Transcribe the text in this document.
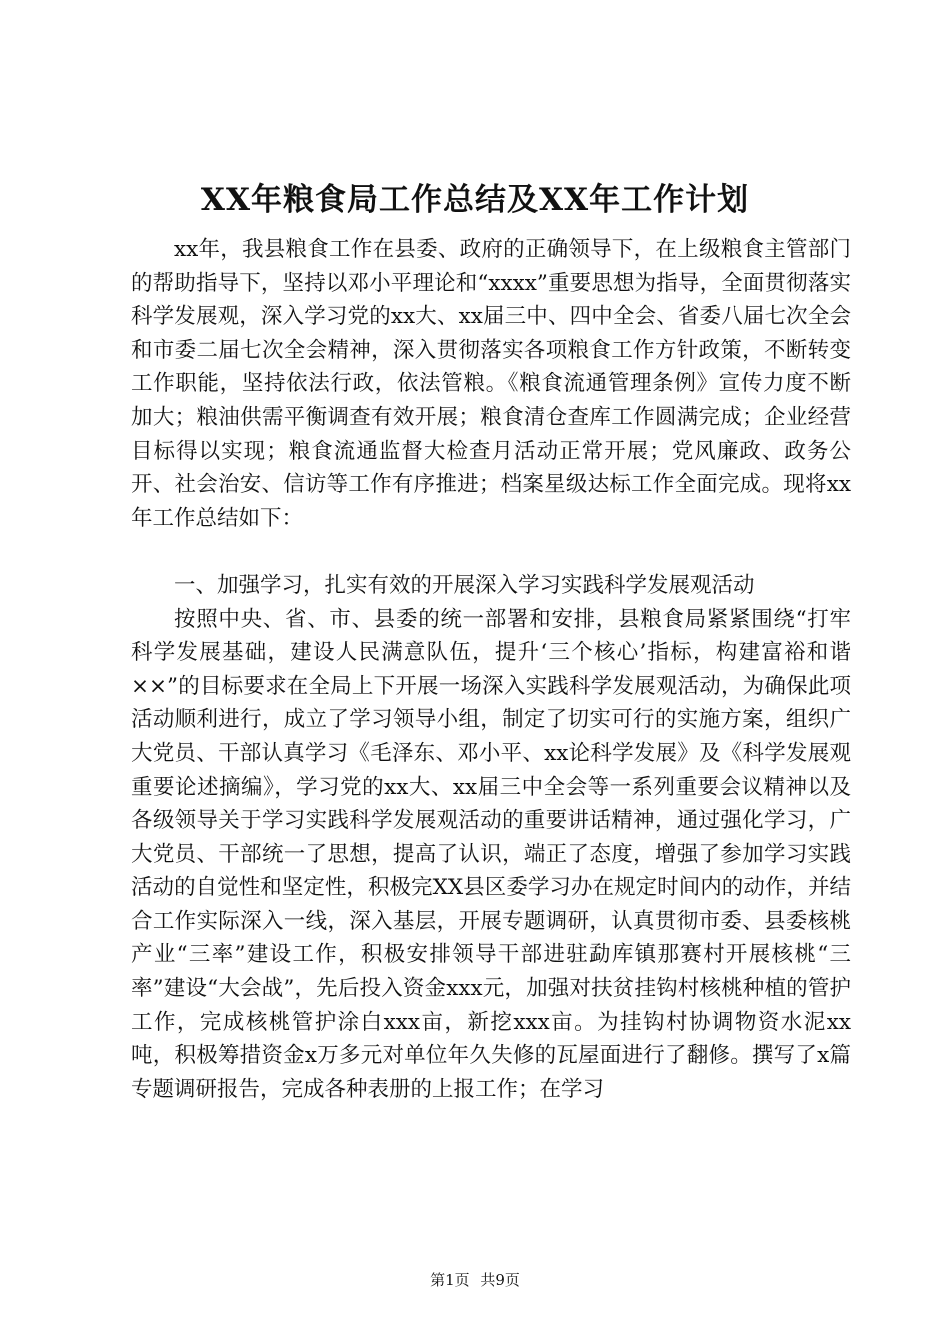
XX年粮食局工作总结及XX年工作计划

xx年，我县粮食工作在县委、政府的正确领导下，在上级粮食主管部门的帮助指导下，坚持以邓小平理论和“xxxx”重要思想为指导，全面贯彻落实科学发展观，深入学习党的xx大、xx届三中、四中全会、省委八届七次全会和市委二届七次全会精神，深入贯彻落实各项粮食工作方针政策，不断转变工作职能，坚持依法行政，依法管粮。《粮食流通管理条例》宣传力度不断加大；粮油供需平衡调查有效开展；粮食清仓查库工作圆满完成；企业经营目标得以实现；粮食流通监督大检查月活动正常开展；党风廉政、政务公开、社会治安、信访等工作有序推进；档案星级达标工作全面完成。现将xx年工作总结如下：

一、加强学习，扎实有效的开展深入学习实践科学发展观活动

按照中央、省、市、县委的统一部署和安排，县粮食局紧紧围绕“打牢科学发展基础，建设人民满意队伍，提升‘三个核心’指标，构建富裕和谐××”的目标要求在全局上下开展一场深入实践科学发展观活动，为确保此项活动顺利进行，成立了学习领导小组，制定了切实可行的实施方案，组织广大党员、干部认真学习《毛泽东、邓小平、xx论科学发展》及《科学发展观重要论述摘编》，学习党的xx大、xx届三中全会等一系列重要会议精神以及各级领导关于学习实践科学发展观活动的重要讲话精神，通过强化学习，广大党员、干部统一了思想，提高了认识，端正了态度，增强了参加学习实践活动的自觉性和坚定性，积极完XX县区委学习办在规定时间内的动作，并结合工作实际深入一线，深入基层，开展专题调研，认真贯彻市委、县委核桃产业“三率”建设工作，积极安排领导干部进驻勐库镇那赛村开展核桃“三率”建设“大会战”，先后投入资金xxx元，加强对扶贫挂钩村核桃种植的管护工作，完成核桃管护涂白xxx亩，新挖xxx亩。为挂钩村协调物资水泥xx吨，积极筹措资金x万多元对单位年久失修的瓦屋面进行了翻修。撰写了x篇专题调研报告，完成各种表册的上报工作；在学习

第1页 共9页
